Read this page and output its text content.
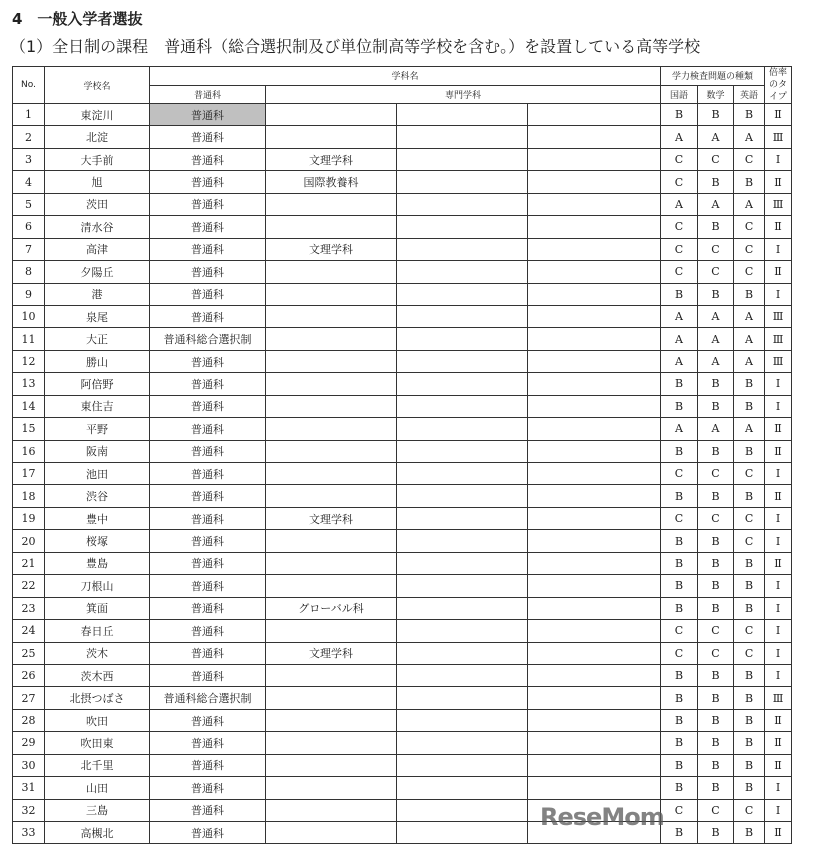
4　一般入学者選抜
（1）全日制の課程　普通科（総合選択制及び単位制高等学校を含む。）を設置している高等学校
No.	学校名	学科名				学力検査問題の種類			倍率のタイプ
		普通科	専門学科			国語	数学	英語	
1	東淀川	普通科				B	B	B	Ⅱ
2	北淀	普通科				A	A	A	Ⅲ
3	大手前	普通科	文理学科			C	C	C	Ⅰ
4	旭	普通科	国際教養科			C	B	B	Ⅱ
5	茨田	普通科				A	A	A	Ⅲ
6	清水谷	普通科				C	B	C	Ⅱ
7	高津	普通科	文理学科			C	C	C	Ⅰ
8	夕陽丘	普通科				C	C	C	Ⅱ
9	港	普通科				B	B	B	Ⅰ
10	泉尾	普通科				A	A	A	Ⅲ
11	大正	普通科総合選択制				A	A	A	Ⅲ
12	勝山	普通科				A	A	A	Ⅲ
13	阿倍野	普通科				B	B	B	Ⅰ
14	東住吉	普通科				B	B	B	Ⅰ
15	平野	普通科				A	A	A	Ⅱ
16	阪南	普通科				B	B	B	Ⅱ
17	池田	普通科				C	C	C	Ⅰ
18	渋谷	普通科				B	B	B	Ⅱ
19	豊中	普通科	文理学科			C	C	C	Ⅰ
20	桜塚	普通科				B	B	C	Ⅰ
21	豊島	普通科				B	B	B	Ⅱ
22	刀根山	普通科				B	B	B	Ⅰ
23	箕面	普通科	グローバル科			B	B	B	Ⅰ
24	春日丘	普通科				C	C	C	Ⅰ
25	茨木	普通科	文理学科			C	C	C	Ⅰ
26	茨木西	普通科				B	B	B	Ⅰ
27	北摂つばさ	普通科総合選択制				B	B	B	Ⅲ
28	吹田	普通科				B	B	B	Ⅱ
29	吹田東	普通科				B	B	B	Ⅱ
30	北千里	普通科				B	B	B	Ⅱ
31	山田	普通科				B	B	B	Ⅰ
32	三島	普通科				C	C	C	Ⅰ
33	高槻北	普通科				B	B	B	Ⅱ
ReseMom
